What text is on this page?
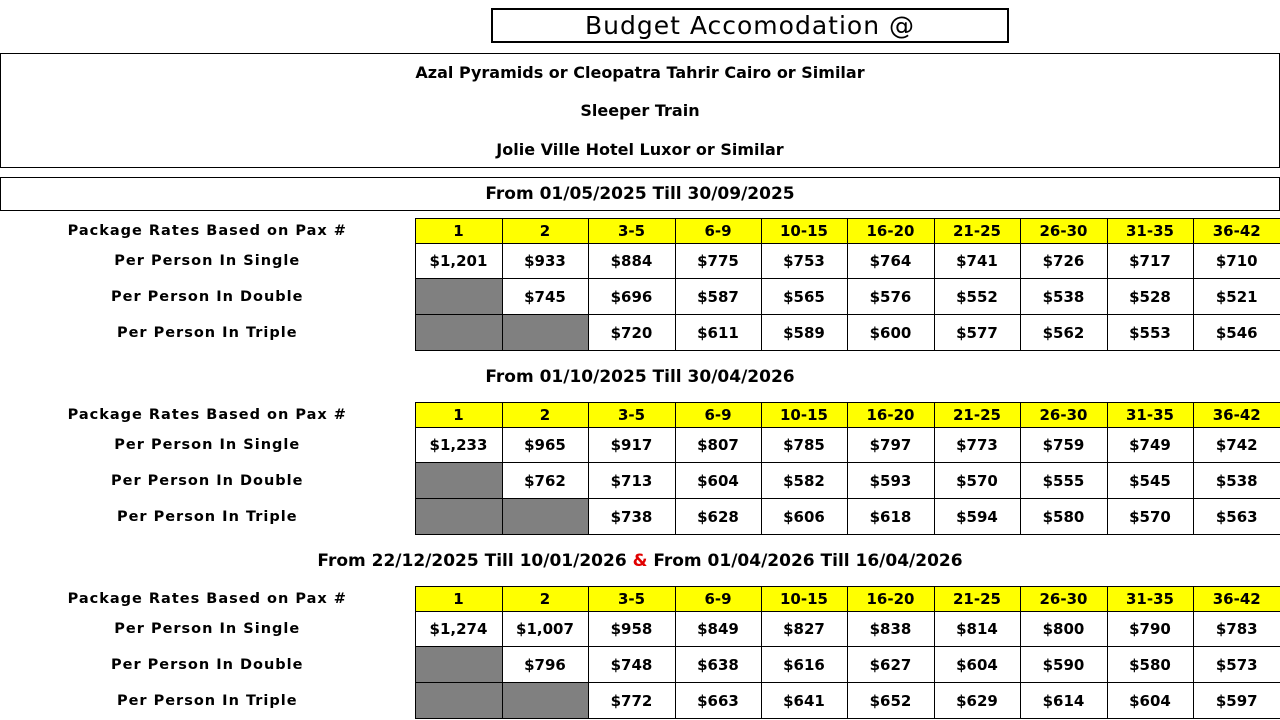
Budget Accomodation @
Azal Pyramids or Cleopatra Tahrir Cairo or Similar
Sleeper Train
Jolie Ville Hotel Luxor or Similar
From 01/05/2025 Till 30/09/2025
Package Rates Based on Pax #	1	2	3-5	6-9	10-15	16-20	21-25	26-30	31-35	36-42
Per Person In Single	$1,201	$933	$884	$775	$753	$764	$741	$726	$717	$710
Per Person In Double		$745	$696	$587	$565	$576	$552	$538	$528	$521
Per Person In Triple			$720	$611	$589	$600	$577	$562	$553	$546
From 01/10/2025 Till 30/04/2026
Package Rates Based on Pax #	1	2	3-5	6-9	10-15	16-20	21-25	26-30	31-35	36-42
Per Person In Single	$1,233	$965	$917	$807	$785	$797	$773	$759	$749	$742
Per Person In Double		$762	$713	$604	$582	$593	$570	$555	$545	$538
Per Person In Triple			$738	$628	$606	$618	$594	$580	$570	$563
From 22/12/2025 Till 10/01/2026 & From 01/04/2026 Till 16/04/2026
Package Rates Based on Pax #	1	2	3-5	6-9	10-15	16-20	21-25	26-30	31-35	36-42
Per Person In Single	$1,274	$1,007	$958	$849	$827	$838	$814	$800	$790	$783
Per Person In Double		$796	$748	$638	$616	$627	$604	$590	$580	$573
Per Person In Triple			$772	$663	$641	$652	$629	$614	$604	$597
